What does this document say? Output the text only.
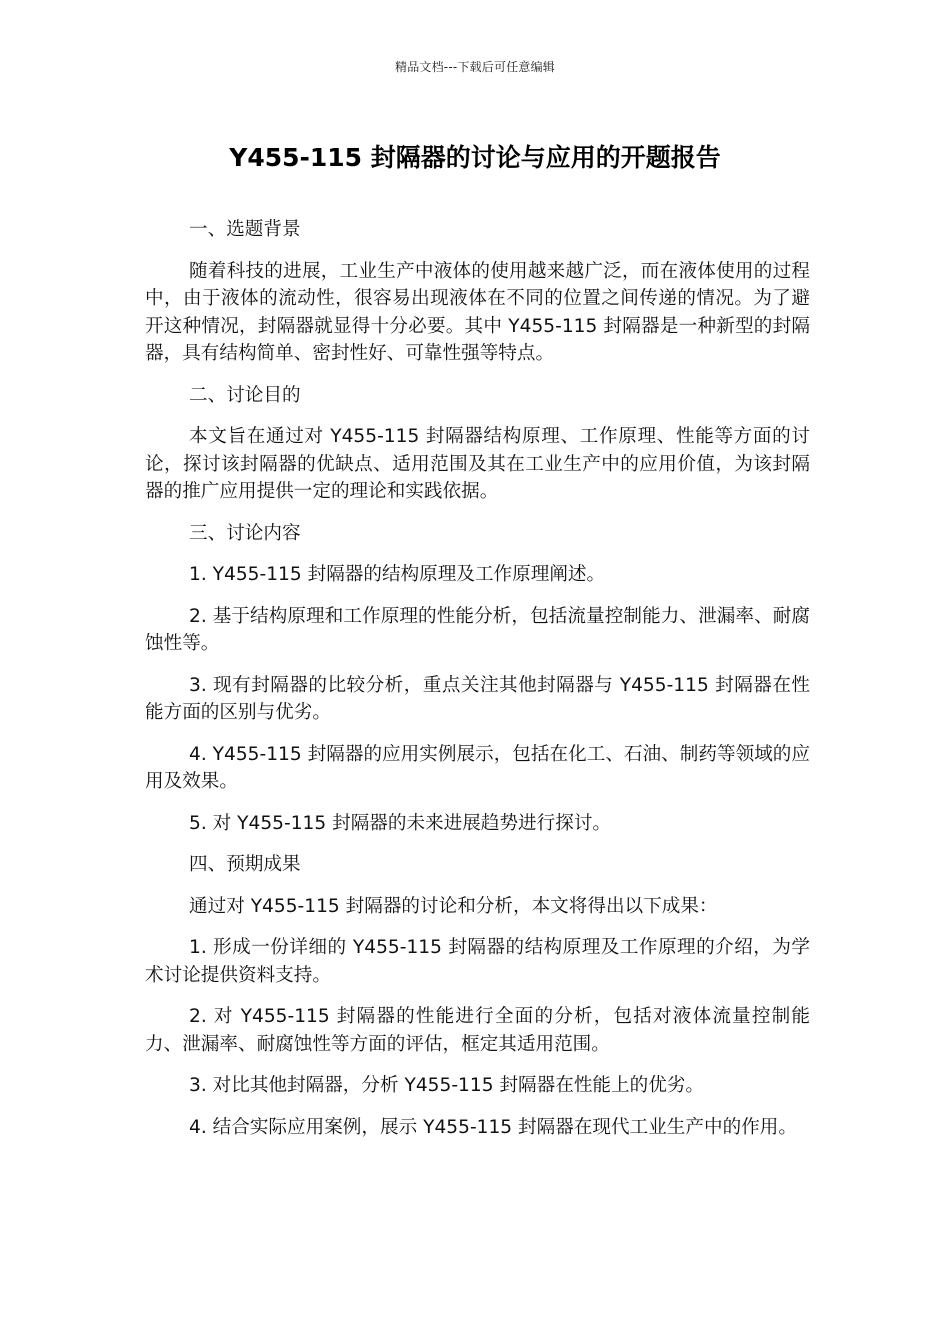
精品文档---下载后可任意编辑
Y455-115 封隔器的讨论与应用的开题报告

一、选题背景

随着科技的进展，工业生产中液体的使用越来越广泛，而在液体使用的过程中，由于液体的流动性，很容易出现液体在不同的位置之间传递的情况。为了避开这种情况，封隔器就显得十分必要。其中 Y455-115 封隔器是一种新型的封隔器，具有结构简单、密封性好、可靠性强等特点。

二、讨论目的

本文旨在通过对 Y455-115 封隔器结构原理、工作原理、性能等方面的讨论，探讨该封隔器的优缺点、适用范围及其在工业生产中的应用价值，为该封隔器的推广应用提供一定的理论和实践依据。

三、讨论内容

1. Y455-115 封隔器的结构原理及工作原理阐述。

2. 基于结构原理和工作原理的性能分析，包括流量控制能力、泄漏率、耐腐蚀性等。

3. 现有封隔器的比较分析，重点关注其他封隔器与 Y455-115 封隔器在性能方面的区别与优劣。

4. Y455-115 封隔器的应用实例展示，包括在化工、石油、制药等领域的应用及效果。

5. 对 Y455-115 封隔器的未来进展趋势进行探讨。

四、预期成果

通过对 Y455-115 封隔器的讨论和分析，本文将得出以下成果：

1. 形成一份详细的 Y455-115 封隔器的结构原理及工作原理的介绍，为学术讨论提供资料支持。

2. 对 Y455-115 封隔器的性能进行全面的分析，包括对液体流量控制能力、泄漏率、耐腐蚀性等方面的评估，框定其适用范围。

3. 对比其他封隔器，分析 Y455-115 封隔器在性能上的优劣。

4. 结合实际应用案例，展示 Y455-115 封隔器在现代工业生产中的作用。
